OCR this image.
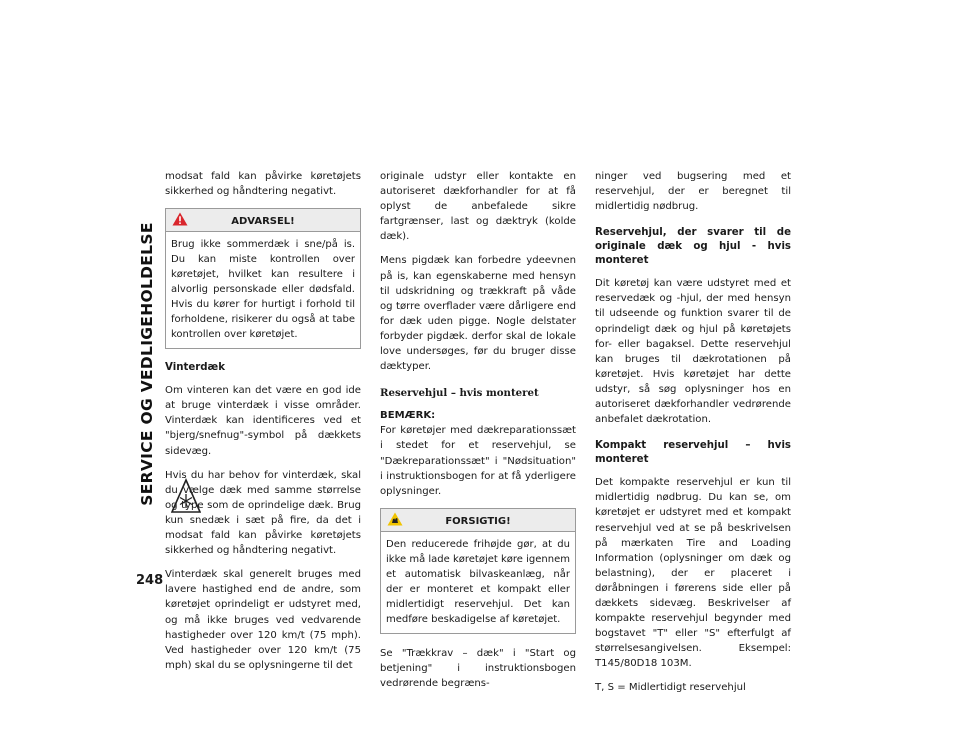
SERVICE OG VEDLIGEHOLDELSE
248

modsat fald kan påvirke køretøjets sikkerhed og håndtering negativt.

ADVARSEL!
Brug ikke sommerdæk i sne/på is. Du kan miste kontrollen over køretøjet, hvilket kan resultere i alvorlig personskade eller dødsfald. Hvis du kører for hurtigt i forhold til forholdene, risikerer du også at tabe kontrollen over køretøjet.
Vinterdæk

Om vinteren kan det være en god ide at bruge vinterdæk i visse områder. Vinterdæk kan identificeres ved et "bjerg/snefnug"-symbol på dækkets sidevæg.

Hvis du har behov for vinterdæk, skal du vælge dæk med samme størrelse og type som de oprindelige dæk. Brug kun snedæk i sæt på fire, da det i modsat fald kan påvirke køretøjets sikkerhed og håndtering negativt.

Vinterdæk skal generelt bruges med lavere hastighed end de andre, som køretøjet oprindeligt er udstyret med, og må ikke bruges ved vedvarende hastigheder over 120 km/t (75 mph). Ved hastigheder over 120 km/t (75 mph) skal du se oplysningerne til det

originale udstyr eller kontakte en autoriseret dækforhandler for at få oplyst de anbefalede sikre fartgrænser, last og dæktryk (kolde dæk).

Mens pigdæk kan forbedre ydeevnen på is, kan egenskaberne med hensyn til udskridning og trækkraft på våde og tørre overflader være dårligere end for dæk uden pigge. Nogle delstater forbyder pigdæk. derfor skal de lokale love undersøges, før du bruger disse dæktyper.

Reservehjul – hvis monteret

BEMÆRK:
For køretøjer med dækreparationssæt i stedet for et reservehjul, se "Dækreparationssæt" i "Nødsituation" i instruktionsbogen for at få yderligere oplysninger.

FORSIGTIG!
Den reducerede frihøjde gør, at du ikke må lade køretøjet køre igennem et automatisk bilvaskeanlæg, når der er monteret et kompakt eller midlertidigt reservehjul. Det kan medføre beskadigelse af køretøjet.

Se "Trækkrav – dæk" i "Start og betjening" i instruktionsbogen vedrørende begræns-

ninger ved bugsering med et reservehjul, der er beregnet til midlertidig nødbrug.

Reservehjul, der svarer til de originale dæk og hjul - hvis monteret

Dit køretøj kan være udstyret med et reservedæk og -hjul, der med hensyn til udseende og funktion svarer til de oprindeligt dæk og hjul på køretøjets for- eller bagaksel. Dette reservehjul kan bruges til dækrotationen på køretøjet. Hvis køretøjet har dette udstyr, så søg oplysninger hos en autoriseret dækforhandler vedrørende anbefalet dækrotation.

Kompakt reservehjul – hvis monteret

Det kompakte reservehjul er kun til midlertidig nødbrug. Du kan se, om køretøjet er udstyret med et kompakt reservehjul ved at se på beskrivelsen på mærkaten Tire and Loading Information (oplysninger om dæk og belastning), der er placeret i døråbningen i førerens side eller på dækkets sidevæg. Beskrivelser af kompakte reservehjul begynder med bogstavet "T" eller "S" efterfulgt af størrelsesangivelsen. Eksempel: T145/80D18 103M.

T, S = Midlertidigt reservehjul
